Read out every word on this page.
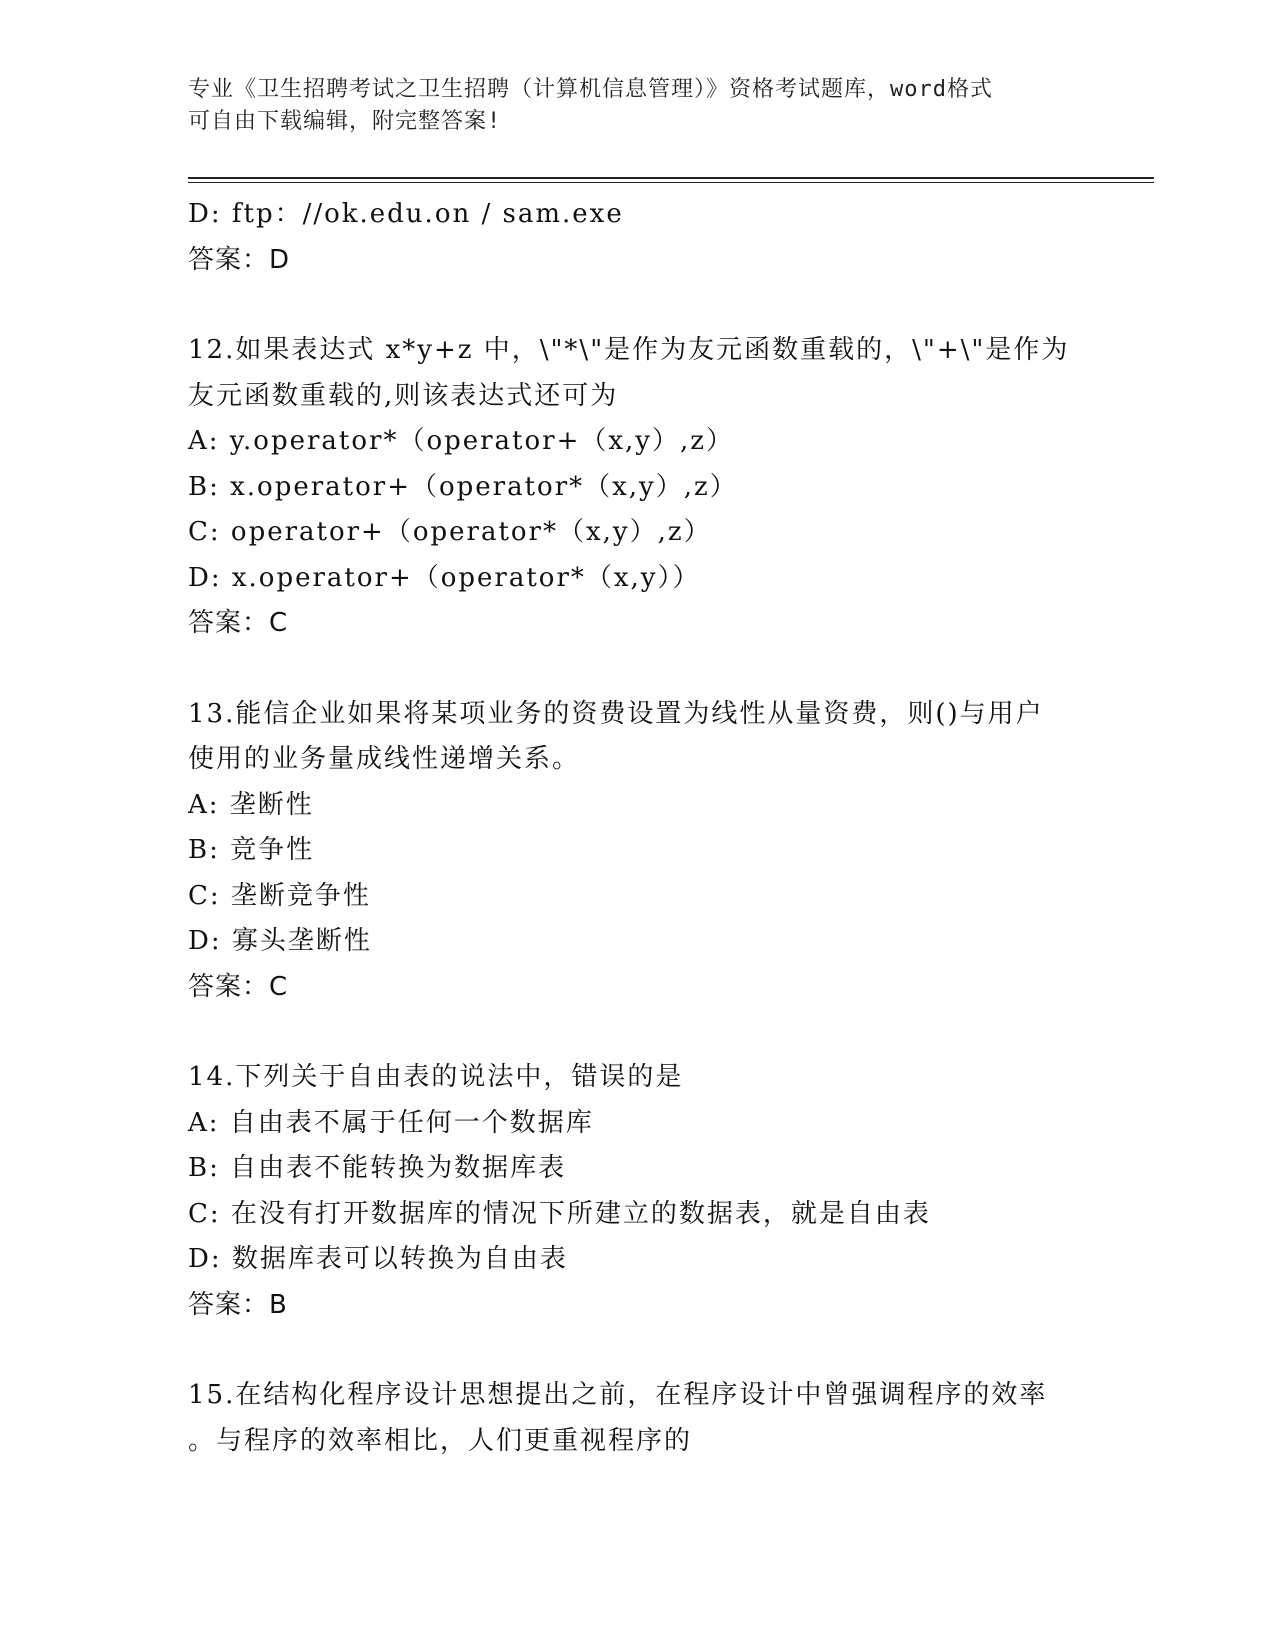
专业《卫生招聘考试之卫生招聘（计算机信息管理）》资格考试题库，word格式
可自由下载编辑，附完整答案!
D: ftp：//ok.edu.on / sam.exe
答案：D
12.如果表达式 x*y+z 中，\"*\"是作为友元函数重载的，\"+\"是作为
友元函数重载的,则该表达式还可为
A: y.operator*（operator+（x,y）,z）
B: x.operator+（operator*（x,y）,z）
C: operator+（operator*（x,y）,z）
D: x.operator+（operator*（x,y））
答案：C
13.能信企业如果将某项业务的资费设置为线性从量资费，则()与用户
使用的业务量成线性递增关系。
A: 垄断性
B: 竞争性
C: 垄断竞争性
D: 寡头垄断性
答案：C
14.下列关于自由表的说法中，错误的是
A: 自由表不属于任何一个数据库
B: 自由表不能转换为数据库表
C: 在没有打开数据库的情况下所建立的数据表，就是自由表
D: 数据库表可以转换为自由表
答案：B
15.在结构化程序设计思想提出之前，在程序设计中曾强调程序的效率
。与程序的效率相比，人们更重视程序的
